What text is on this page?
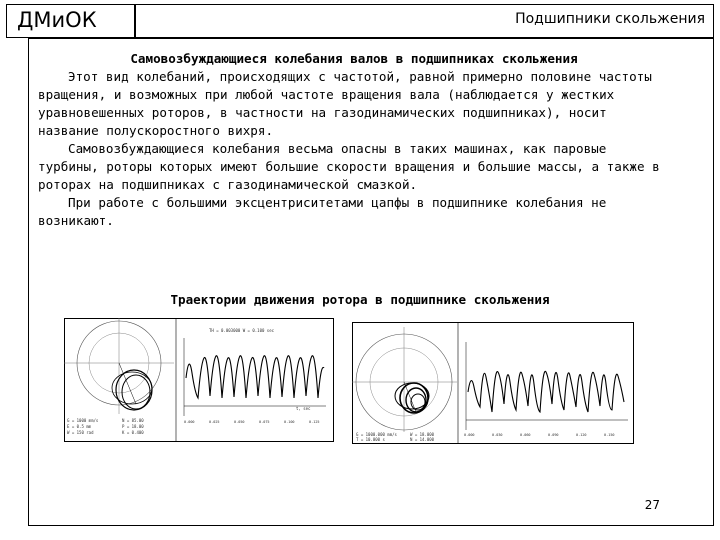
ДМиОК	Подшипники скольжения

Самовозбуждающиеся колебания валов в подшипниках скольжения

Этот вид колебаний, происходящих с частотой, равной примерно половине частоты вращения, и возможных при любой частоте вращения вала (наблюдается у жестких уравновешенных роторов, в частности на газодинамических подшипниках), носит название полускоростного вихря.

Самовозбуждающиеся колебания весьма опасны в таких машинах, как паровые турбины, роторы которых имеют большие скорости вращения и большие массы, а также в роторах на подшипниках с газодинамической смазкой.

При работе с большими эксцентриситетами цапфы в подшипнике колебания не возникают.

Траектории движения ротора в подшипнике скольжения
G = 1000 mm/s
E = 0.5 mm
W = 150 rad
N = 85.00
P = 18.00
K = 0.400
TH = 0.003000 W = 0.100 sec
t, sec
0.000	0.025	0.050	0.075	0.100	0.125
G = 1000.000 mm/s
T = 10.000 s
W = 18.000
N = 14.000
0.000	0.030	0.060	0.090	0.120	0.150
27
